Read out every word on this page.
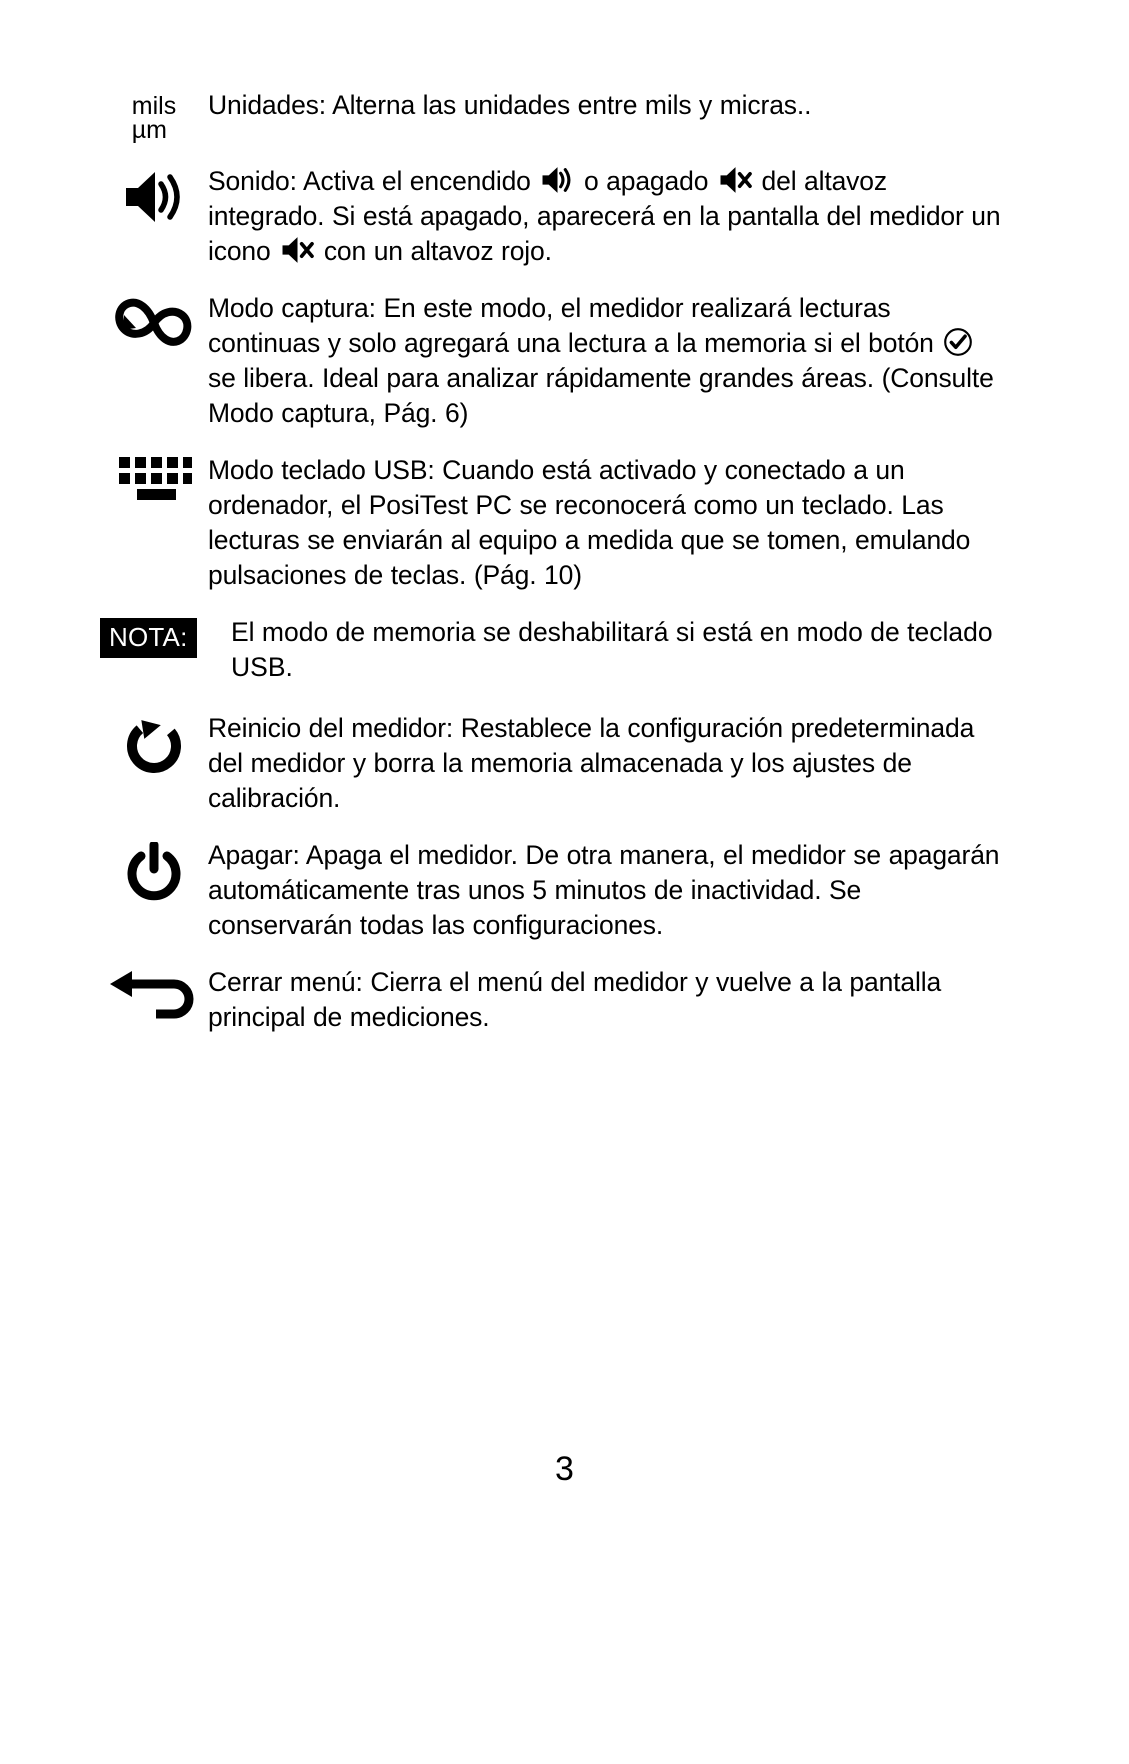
mils
µm
Unidades: Alterna las unidades entre mils y micras..
Sonido: Activa el encendido
o apagado
del altavoz integrado. Si está apagado, aparecerá en la pantalla del medidor un icono
con un altavoz rojo.
Modo captura: En este modo, el medidor realizará lecturas continuas y solo agregará una lectura a la memoria si el botón
se libera. Ideal para analizar rápidamente grandes áreas. (Consulte Modo captura, Pág. 6)
Modo teclado USB: Cuando está activado y conectado a un ordenador, el PosiTest PC se reconocerá como un teclado. Las lecturas se enviarán al equipo a medida que se tomen, emulando pulsaciones de teclas. (Pág. 10)
NOTA:	El modo de memoria se deshabilitará si está en modo de teclado USB.
Reinicio del medidor: Restablece la configuración predeterminada del medidor y borra la memoria almacenada y los ajustes de calibración.
Apagar: Apaga el medidor. De otra manera, el medidor se apagarán automáticamente tras unos 5 minutos de inactividad. Se conservarán todas las configuraciones.
Cerrar menú: Cierra el menú del medidor y vuelve a la pantalla principal de mediciones.
3
